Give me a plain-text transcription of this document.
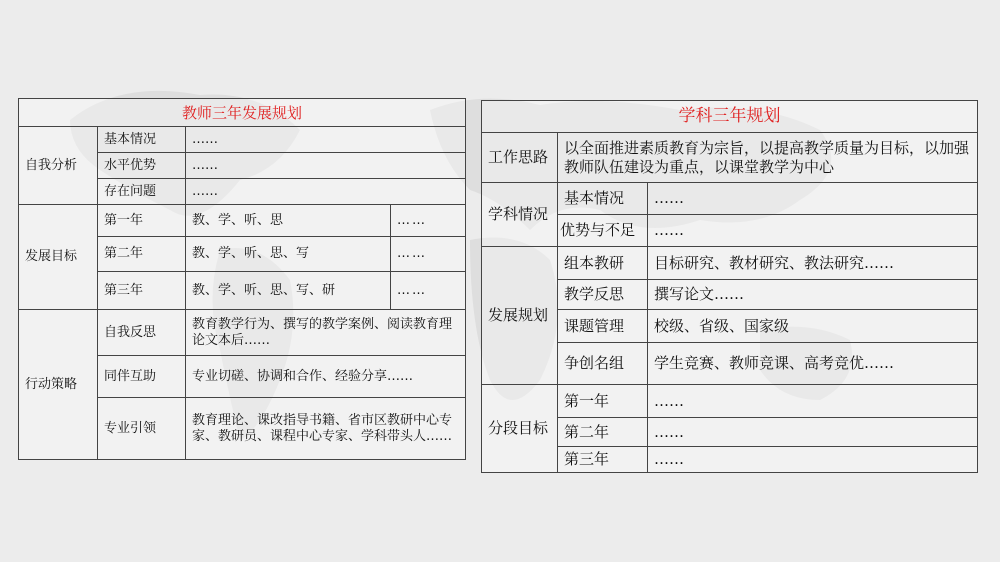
教师三年发展规划			
自我分析	基本情况	……	
	水平优势	……	
	存在问题	……	
发展目标	第一年	教、学、听、思	……
	第二年	教、学、听、思、写	……
	第三年	教、学、听、思、写、研	……
行动策略	自我反思	教育教学行为、撰写的教学案例、阅读教育理论文本后……	
	同伴互助	专业切磋、协调和合作、经验分享……	
	专业引领	教育理论、课改指导书籍、省市区教研中心专家、教研员、课程中心专家、学科带头人……	
学科三年规划		
工作思路	以全面推进素质教育为宗旨，以提高教学质量为目标，以加强教师队伍建设为重点，以课堂教学为中心	
学科情况	基本情况	……
	优势与不足	……
发展规划	组本教研	目标研究、教材研究、教法研究……
	教学反思	撰写论文……
	课题管理	校级、省级、国家级
	争创名组	学生竞赛、教师竞课、高考竞优……
分段目标	第一年	……
	第二年	……
	第三年	……
